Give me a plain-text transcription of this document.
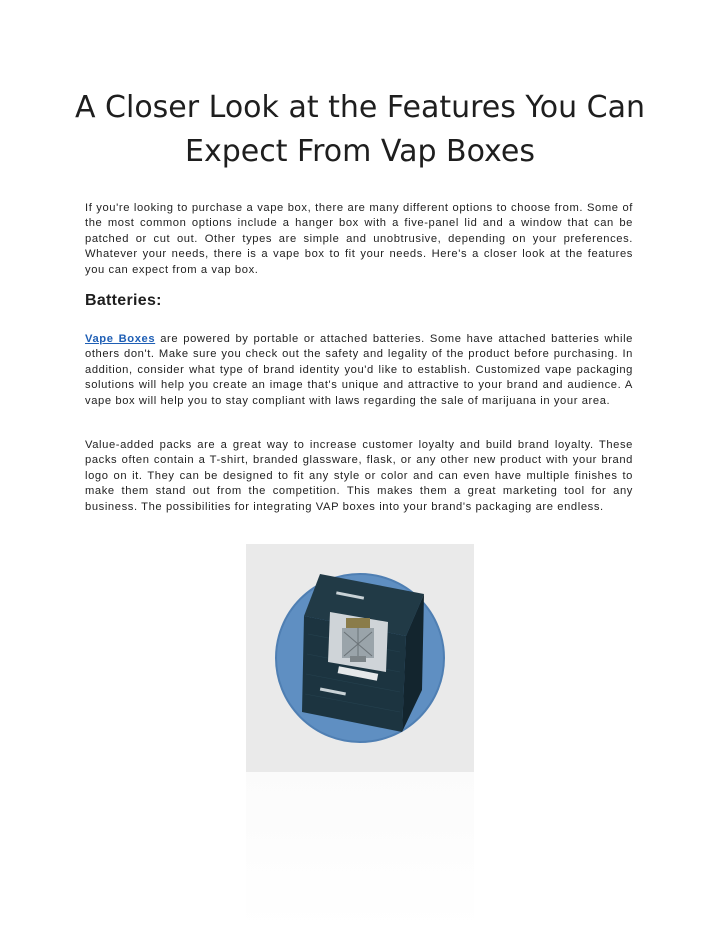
A Closer Look at the Features You Can Expect From Vap Boxes

If you're looking to purchase a vape box, there are many different options to choose from. Some of the most common options include a hanger box with a five-panel lid and a window that can be patched or cut out. Other types are simple and unobtrusive, depending on your preferences. Whatever your needs, there is a vape box to fit your needs. Here's a closer look at the features you can expect from a vap box.

Batteries:

Vape Boxes are powered by portable or attached batteries. Some have attached batteries while others don't. Make sure you check out the safety and legality of the product before purchasing. In addition, consider what type of brand identity you'd like to establish. Customized vape packaging solutions will help you create an image that's unique and attractive to your brand and audience. A vape box will help you to stay compliant with laws regarding the sale of marijuana in your area.

Value-added packs are a great way to increase customer loyalty and build brand loyalty. These packs often contain a T-shirt, branded glassware, flask, or any other new product with your brand logo on it. They can be designed to fit any style or color and can even have multiple finishes to make them stand out from the competition. This makes them a great marketing tool for any business. The possibilities for integrating VAP boxes into your brand's packaging are endless.
